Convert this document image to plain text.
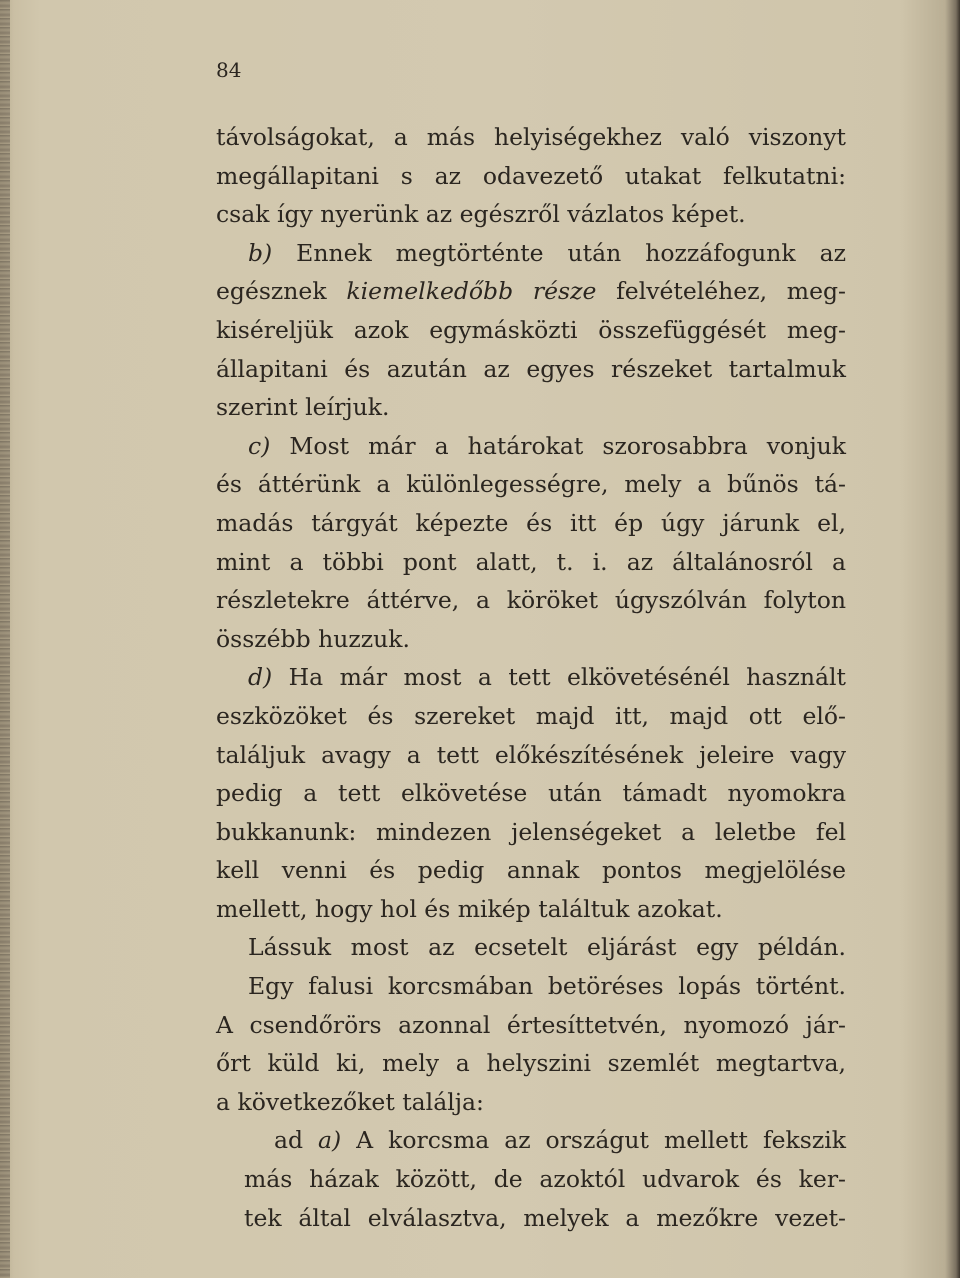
84
távolságokat, a más helyiségekhez való viszonyt
megállapitani s az odavezető utakat felkutatni:
csak így nyerünk az egészről vázlatos képet.
b) Ennek megtörténte után hozzáfogunk az
egésznek kiemelkedőbb része felvételéhez, meg-
kiséreljük azok egymásközti összefüggését meg-
állapitani és azután az egyes részeket tartalmuk
szerint leírjuk.
c) Most már a határokat szorosabbra vonjuk
és áttérünk a különlegességre, mely a bűnös tá-
madás tárgyát képezte és itt ép úgy járunk el,
mint a többi pont alatt, t. i. az általánosról a
részletekre áttérve, a köröket úgyszólván folyton
összébb huzzuk.
d) Ha már most a tett elkövetésénél használt
eszközöket és szereket majd itt, majd ott elő-
találjuk avagy a tett előkészítésének jeleire vagy
pedig a tett elkövetése után támadt nyomokra
bukkanunk: mindezen jelenségeket a leletbe fel
kell venni és pedig annak pontos megjelölése
mellett, hogy hol és mikép találtuk azokat.
Lássuk most az ecsetelt eljárást egy példán.
Egy falusi korcsmában betöréses lopás történt.
A csendőrörs azonnal értesíttetvén, nyomozó jár-
őrt küld ki, mely a helyszini szemlét megtartva,
a következőket találja:
ad a) A korcsma az országut mellett fekszik
más házak között, de azoktól udvarok és ker-
tek által elválasztva, melyek a mezőkre vezet-
